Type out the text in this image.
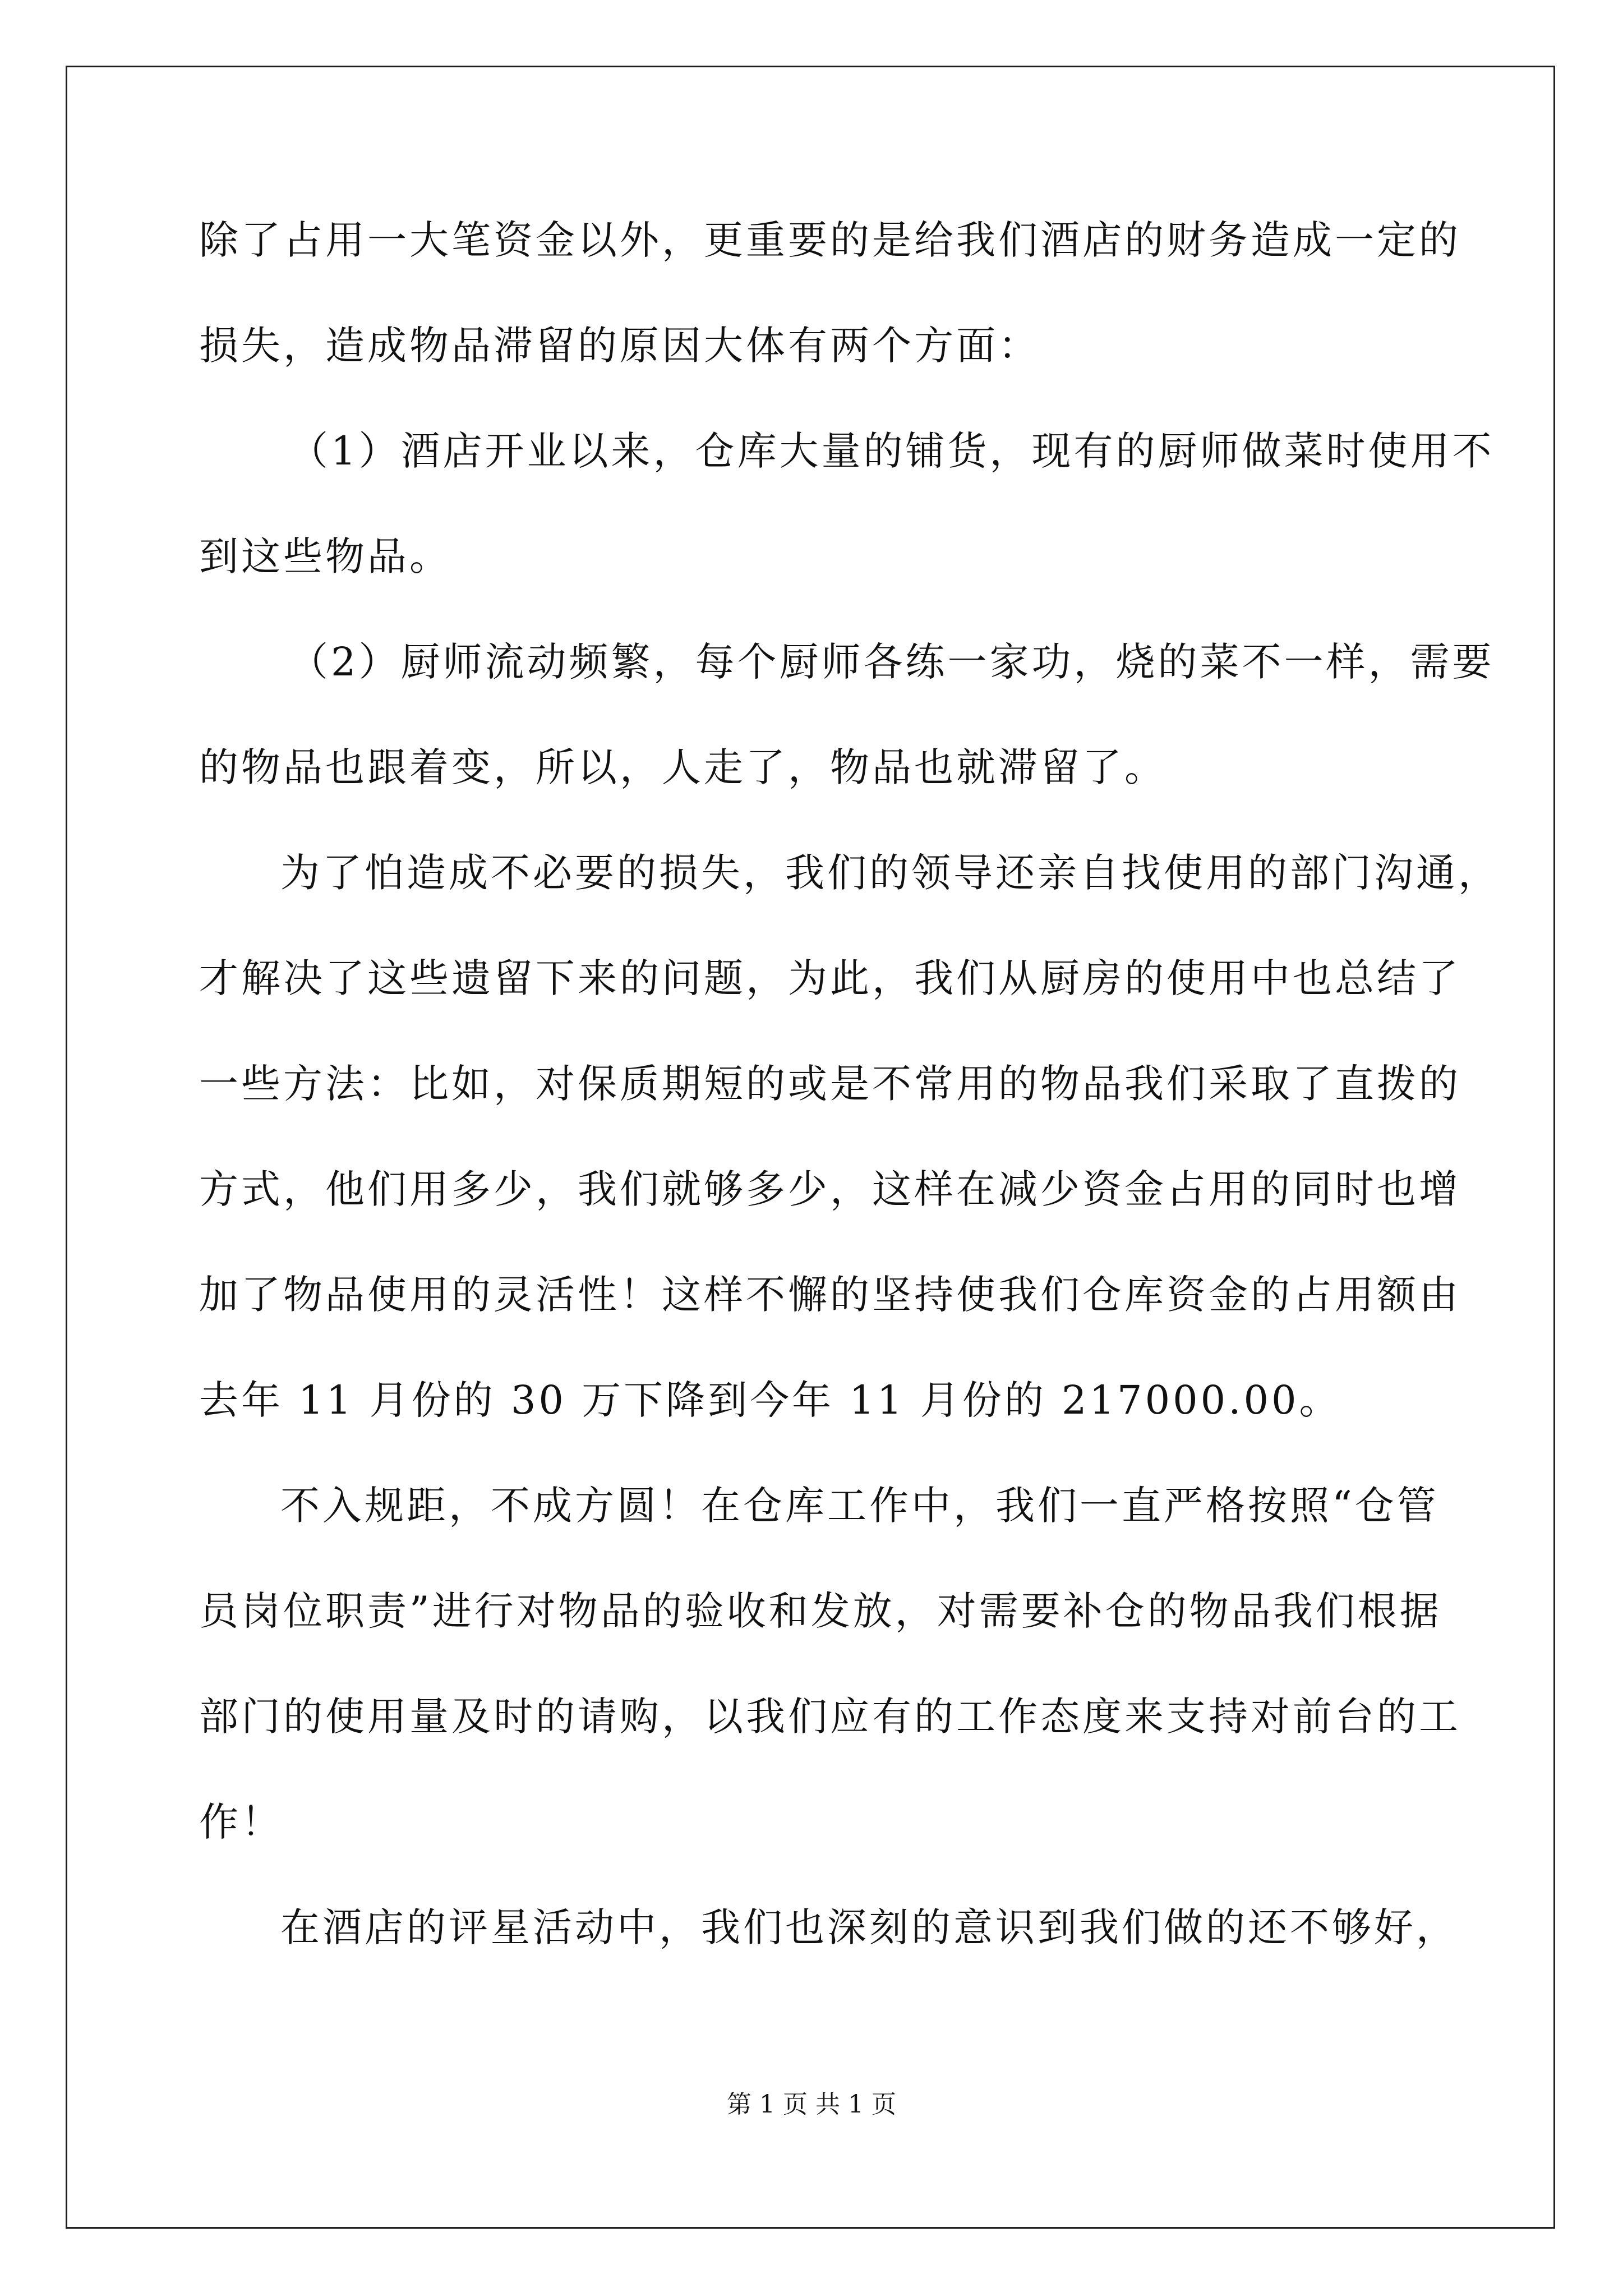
除了占用一大笔资金以外，更重要的是给我们酒店的财务造成一定的
损失，造成物品滞留的原因大体有两个方面：
（1）酒店开业以来，仓库大量的铺货，现有的厨师做菜时使用不
到这些物品。
（2）厨师流动频繁，每个厨师各练一家功，烧的菜不一样，需要
的物品也跟着变，所以，人走了，物品也就滞留了。
为了怕造成不必要的损失，我们的领导还亲自找使用的部门沟通，
才解决了这些遗留下来的问题，为此，我们从厨房的使用中也总结了
一些方法：比如，对保质期短的或是不常用的物品我们采取了直拨的
方式，他们用多少，我们就够多少，这样在减少资金占用的同时也增
加了物品使用的灵活性！这样不懈的坚持使我们仓库资金的占用额由
去年 11 月份的 30 万下降到今年 11 月份的 217000.00。
不入规距，不成方圆！在仓库工作中，我们一直严格按照“仓管
员岗位职责”进行对物品的验收和发放，对需要补仓的物品我们根据
部门的使用量及时的请购，以我们应有的工作态度来支持对前台的工
作！
在酒店的评星活动中，我们也深刻的意识到我们做的还不够好，
第 1 页 共 1 页
